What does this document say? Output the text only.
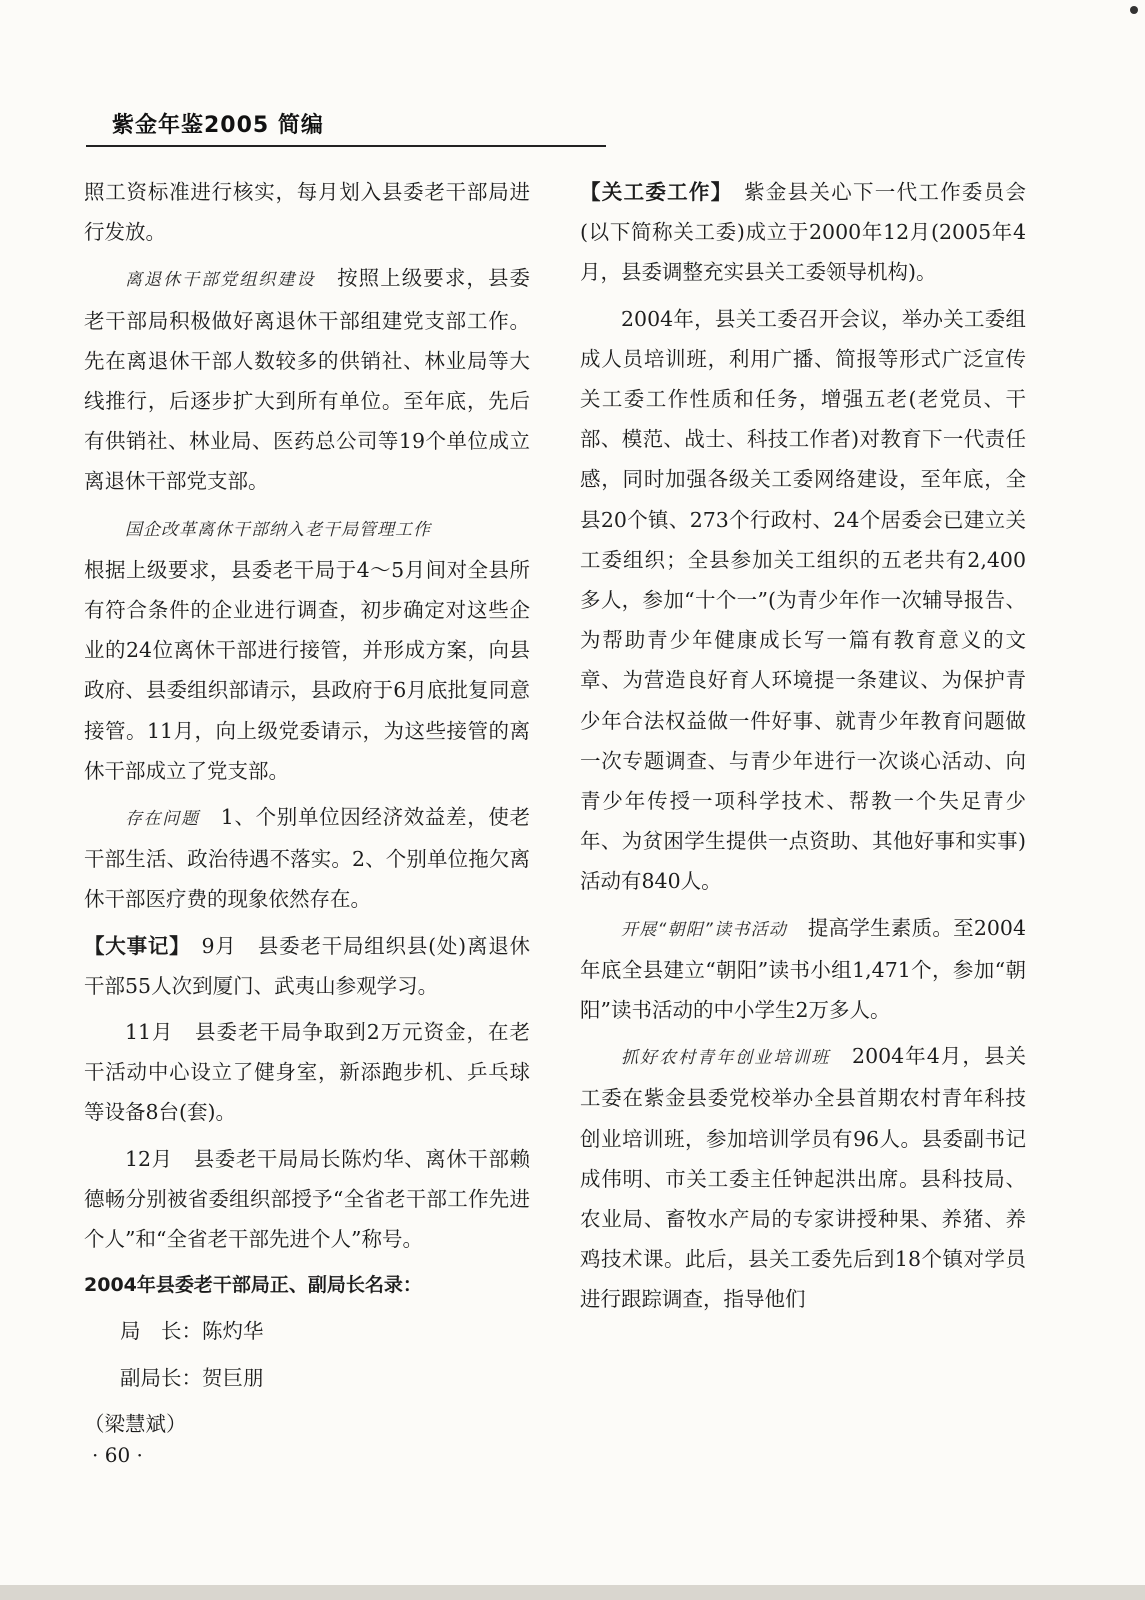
紫金年鉴2005 简编

照工资标准进行核实，每月划入县委老干部局进行发放。

离退休干部党组织建设　 按照上级要求，县委老干部局积极做好离退休干部组建党支部工作。先在离退休干部人数较多的供销社、林业局等大线推行，后逐步扩大到所有单位。至年底，先后有供销社、林业局、医药总公司等19个单位成立离退休干部党支部。

国企改革离休干部纳入老干局管理工作
根据上级要求，县委老干局于4～5月间对全县所有符合条件的企业进行调查，初步确定对这些企业的24位离休干部进行接管，并形成方案，向县政府、县委组织部请示，县政府于6月底批复同意接管。11月，向上级党委请示，为这些接管的离休干部成立了党支部。

存在问题　 1、个别单位因经济效益差，使老干部生活、政治待遇不落实。2、个别单位拖欠离休干部医疗费的现象依然存在。

【大事记】　 9月　县委老干局组织县(处)离退休干部55人次到厦门、武夷山参观学习。

11月　县委老干局争取到2万元资金，在老干活动中心设立了健身室，新添跑步机、乒乓球等设备8台(套)。

12月　县委老干局局长陈灼华、离休干部赖德畅分别被省委组织部授予“全省老干部工作先进个人”和“全省老干部先进个人”称号。

2004年县委老干部局正、副局长名录：

局　长：陈灼华

副局长：贺巨朋

（梁慧斌）

【关工委工作】　 紫金县关心下一代工作委员会(以下简称关工委)成立于2000年12月(2005年4月，县委调整充实县关工委领导机构)。

2004年，县关工委召开会议，举办关工委组成人员培训班，利用广播、简报等形式广泛宣传关工委工作性质和任务，增强五老(老党员、干部、模范、战士、科技工作者)对教育下一代责任感，同时加强各级关工委网络建设，至年底，全县20个镇、273个行政村、24个居委会已建立关工委组织；全县参加关工组织的五老共有2,400多人，参加“十个一”(为青少年作一次辅导报告、为帮助青少年健康成长写一篇有教育意义的文章、为营造良好育人环境提一条建议、为保护青少年合法权益做一件好事、就青少年教育问题做一次专题调查、与青少年进行一次谈心活动、向青少年传授一项科学技术、帮教一个失足青少年、为贫困学生提供一点资助、其他好事和实事)活动有840人。

开展“朝阳”读书活动　 提高学生素质。至2004年底全县建立“朝阳”读书小组1,471个，参加“朝阳”读书活动的中小学生2万多人。

抓好农村青年创业培训班　 2004年4月，县关工委在紫金县委党校举办全县首期农村青年科技创业培训班，参加培训学员有96人。县委副书记成伟明、市关工委主任钟起洪出席。县科技局、农业局、畜牧水产局的专家讲授种果、养猪、养鸡技术课。此后，县关工委先后到18个镇对学员进行跟踪调查，指导他们

· 60 ·
